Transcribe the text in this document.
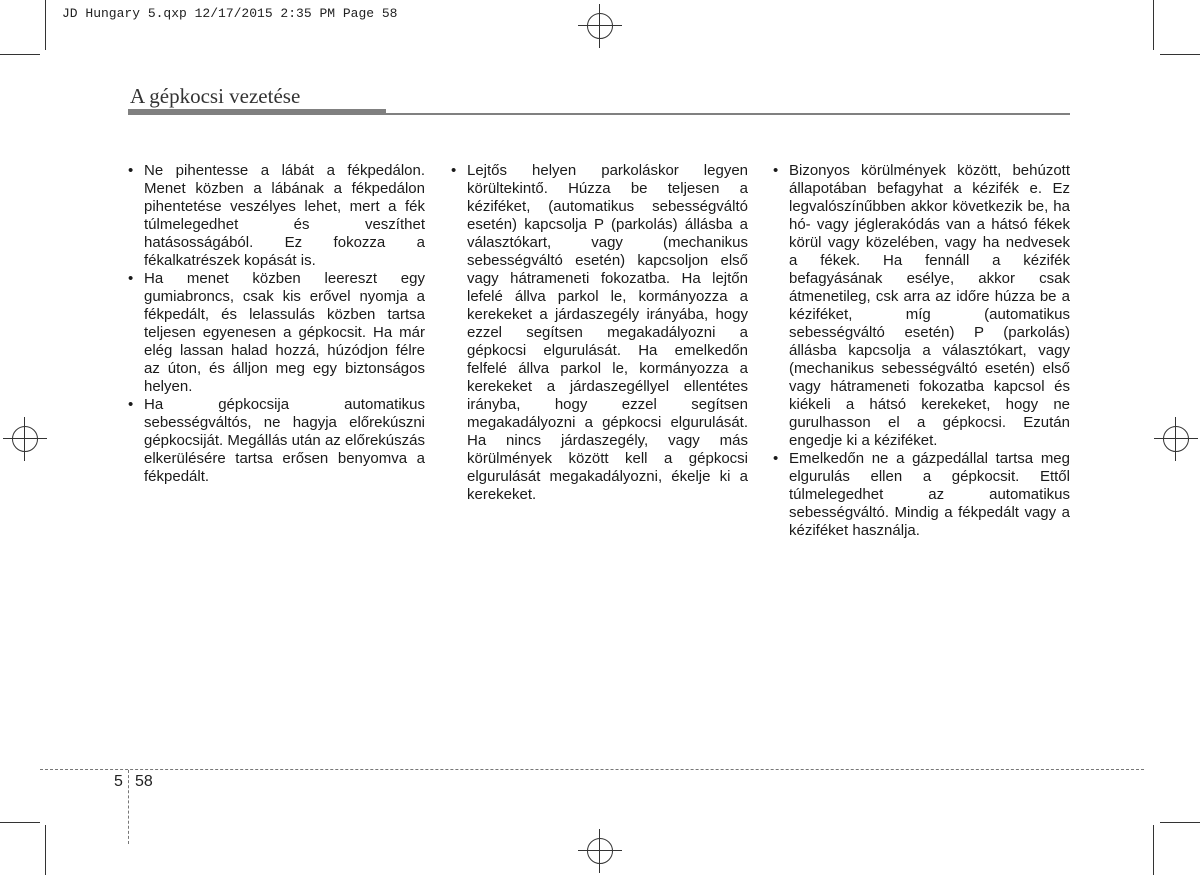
JD Hungary 5.qxp 12/17/2015 2:35 PM Page 58
A gépkocsi vezetése
• Ne pihentesse a lábát a fékpedálon. Menet közben a lábának a fékpedálon pihentetése veszélyes lehet, mert a fék túlmelegedhet és veszíthet hatásosságából. Ez fokozza a fékalkatrészek kopását is.
• Ha menet közben leereszt egy gumiabroncs, csak kis erővel nyomja a fékpedált, és lelassulás közben tartsa teljesen egyenesen a gépkocsit. Ha már elég lassan halad hozzá, húzódjon félre az úton, és álljon meg egy biztonságos helyen.
• Ha gépkocsija automatikus sebességváltós, ne hagyja előrekúszni gépkocsiját. Megállás után az előrekúszás elkerülésére tartsa erősen benyomva a fékpedált.
• Lejtős helyen parkoláskor legyen körültekintő. Húzza be teljesen a kéziféket, (automatikus sebességváltó esetén) kapcsolja P (parkolás) állásba a választókart, vagy (mechanikus sebességváltó esetén) kapcsoljon első vagy hátrameneti fokozatba. Ha lejtőn lefelé állva parkol le, kormányozza a kerekeket a járdaszegély irányába, hogy ezzel segítsen megakadályozni a gépkocsi elgurulását. Ha emelkedőn felfelé állva parkol le, kormányozza a kerekeket a járdaszegéllyel ellentétes irányba, hogy ezzel segítsen megakadályozni a gépkocsi elgurulását. Ha nincs járdaszegély, vagy más körülmények között kell a gépkocsi elgurulását megakadályozni, ékelje ki a kerekeket.
• Bizonyos körülmények között, behúzott állapotában befagyhat a kézifék e. Ez legvalószínűbben akkor következik be, ha hó- vagy jéglerakódás van a hátsó fékek körül vagy közelében, vagy ha nedvesek a fékek. Ha fennáll a kézifék befagyásának esélye, akkor csak átmenetileg, csk arra az időre húzza be a kéziféket, míg (automatikus sebességváltó esetén) P (parkolás) állásba kapcsolja a választókart, vagy (mechanikus sebességváltó esetén) első vagy hátrameneti fokozatba kapcsol és kiékeli a hátsó kerekeket, hogy ne gurulhasson el a gépkocsi. Ezután engedje ki a kéziféket.
• Emelkedőn ne a gázpedállal tartsa meg elgurulás ellen a gépkocsit. Ettől túlmelegedhet az automatikus sebességváltó. Mindig a fékpedált vagy a kéziféket használja.
5 58
